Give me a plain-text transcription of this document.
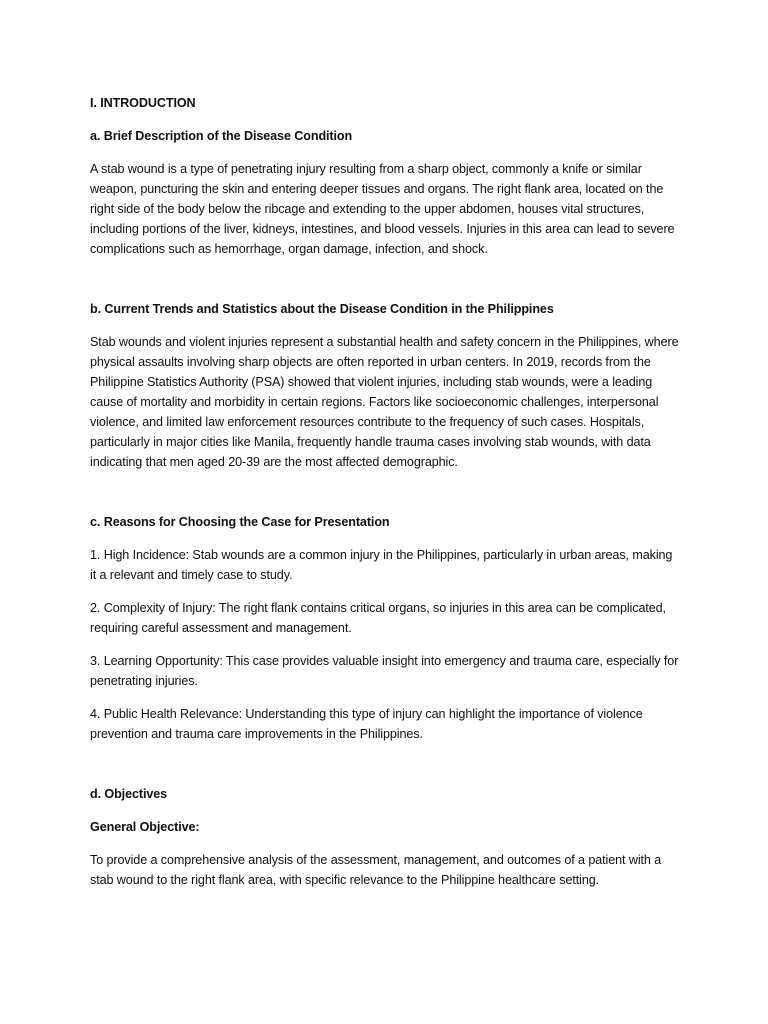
I. INTRODUCTION

a. Brief Description of the Disease Condition

A stab wound is a type of penetrating injury resulting from a sharp object, commonly a knife or similar weapon, puncturing the skin and entering deeper tissues and organs. The right flank area, located on the right side of the body below the ribcage and extending to the upper abdomen, houses vital structures, including portions of the liver, kidneys, intestines, and blood vessels. Injuries in this area can lead to severe complications such as hemorrhage, organ damage, infection, and shock.

b. Current Trends and Statistics about the Disease Condition in the Philippines

Stab wounds and violent injuries represent a substantial health and safety concern in the Philippines, where physical assaults involving sharp objects are often reported in urban centers. In 2019, records from the Philippine Statistics Authority (PSA) showed that violent injuries, including stab wounds, were a leading cause of mortality and morbidity in certain regions. Factors like socioeconomic challenges, interpersonal violence, and limited law enforcement resources contribute to the frequency of such cases. Hospitals, particularly in major cities like Manila, frequently handle trauma cases involving stab wounds, with data indicating that men aged 20-39 are the most affected demographic.

c. Reasons for Choosing the Case for Presentation

1. High Incidence: Stab wounds are a common injury in the Philippines, particularly in urban areas, making it a relevant and timely case to study.

2. Complexity of Injury: The right flank contains critical organs, so injuries in this area can be complicated, requiring careful assessment and management.

3. Learning Opportunity: This case provides valuable insight into emergency and trauma care, especially for penetrating injuries.

4. Public Health Relevance: Understanding this type of injury can highlight the importance of violence prevention and trauma care improvements in the Philippines.

d. Objectives

General Objective:

To provide a comprehensive analysis of the assessment, management, and outcomes of a patient with a stab wound to the right flank area, with specific relevance to the Philippine healthcare setting.
